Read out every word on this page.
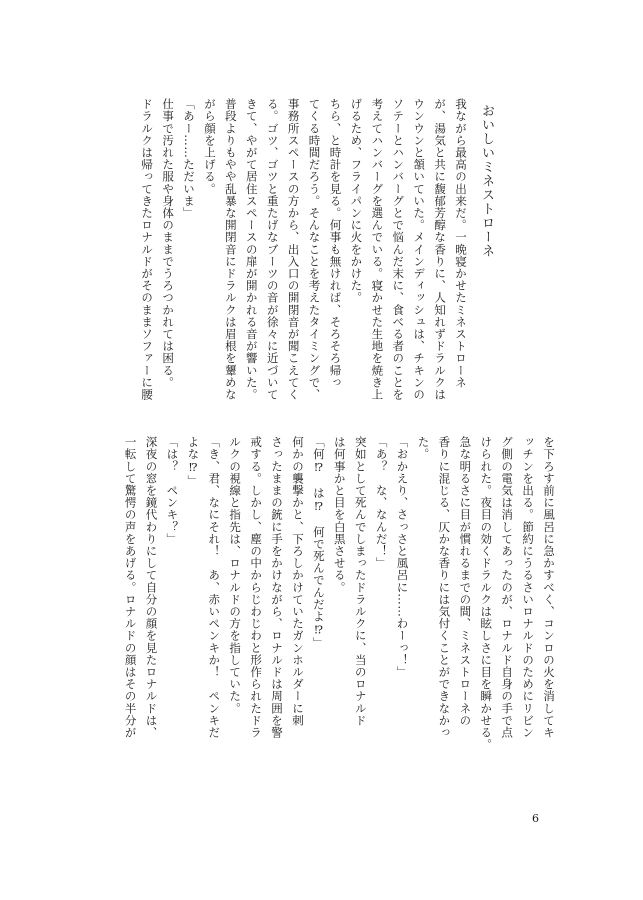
おいしいミネストローネ
我ながら最高の出来だ。一晩寝かせたミネストローネ
が、湯気と共に馥郁芳醇な香りに、人知れずドラルクは
ウンウンと頷いていた。メインディッシュは、チキンの
ソテーとハンバーグとで悩んだ末に、食べる者のことを
考えてハンバーグを選んでいる。寝かせた生地を焼き上
げるため、フライパンに火をかけた。
ちら、と時計を見る。何事も無ければ、そろそろ帰っ
てくる時間だろう。そんなことを考えたタイミングで、
事務所スペースの方から、出入口の開閉音が聞こえてく
る。ゴツ、ゴツと重たげなブーツの音が徐々に近づいて
きて、やがて居住スペースの扉が開かれる音が響いた。
普段よりもやや乱暴な開閉音にドラルクは眉根を顰めな
がら顔を上げる。
「あー……ただいま」
仕事で汚れた服や身体のままでうろつかれては困る。
ドラルクは帰ってきたロナルドがそのままソファーに腰
を下ろす前に風呂に急かすべく、コンロの火を消してキ
ッチンを出る。節約にうるさいロナルドのためにリビン
グ側の電気は消してあったのが、ロナルド自身の手で点
けられた。夜目の効くドラルクは眩しさに目を瞬かせる。
急な明るさに目が慣れるまでの間、ミネストローネの
香りに混じる、仄かな香りには気付くことができなかっ
た。
「おかえり、さっさと風呂に……わーっ！」
「あ？　な、なんだ！」
突如として死んでしまったドラルクに、当のロナルド
は何事かと目を白黒させる。
「何⁉　は⁉　何で死んでんだよ⁉」
何かの襲撃かと、下ろしかけていたガンホルダーに刺
さったままの銃に手をかけながら、ロナルドは周囲を警
戒する。しかし、塵の中からじわじわと形作られたドラ
ルクの視線と指先は、ロナルドの方を指していた。
「き、君、なにそれ！　あ、赤いペンキか！　ペンキだ
よな⁉」
「は？　ペンキ？」
深夜の窓を鏡代わりにして自分の顔を見たロナルドは、
一転して驚愕の声をあげる。ロナルドの顔はその半分が
6
